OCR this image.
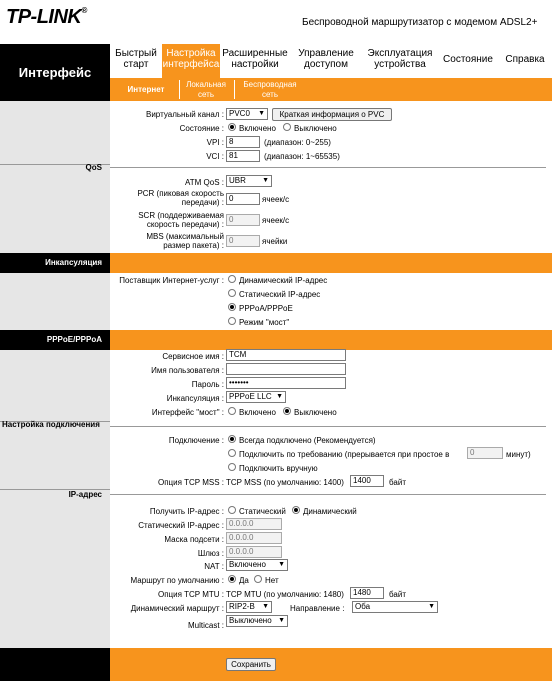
TP-LINK®
Беспроводной маршрутизатор с модемом ADSL2+
Интерфейс
Быстрый старт
Настройка интерфейса
Расширенные настройки
Управление доступом
Эксплуатация устройства	Состояние	Справка
Интернет
Локальная сеть
Беспроводная сеть
Виртуальный канал : PVC0 ▼	Краткая информация о PVC
Состояние : Включено Выключено
VPI : 8	(диапазон: 0~255)
VCI : 81	(диапазон: 1~65535)
QoS
ATM QoS : UBR ▼
PCR (пиковая скорость передачи) : 0	ячеек/с
SCR (поддерживаемая скорость передачи) :
0	ячеек/с
MBS (максимальный размер пакета) :
0	ячейки
Инкапсуляция
Поставщик Интернет-услуг : Динамический IP-адрес
Статический IP-адрес
PPPoA/PPPoE
Режим "мост"
PPPoE/PPPoA
Сервисное имя : TCM
Имя пользователя :
Пароль : •••••••
Инкапсуляция : PPPoE LLC ▼
Интерфейс "мост" : Включено Выключено
Настройка подключения
Подключение : Всегда подключено (Рекомендуется)
Подключить по требованию (прерывается при простое в	0	минут)
Подключить вручную
Опция TCP MSS : TCP MSS (по умолчанию: 1400)	1400	байт
IP-адрес
Получить IP-адрес : Статический Динамический
Статический IP-адрес : 0.0.0.0
Маска подсети : 0.0.0.0
Шлюз : 0.0.0.0
NAT : Включено ▼
Маршрут по умолчанию : Да Нет
Опция TCP MTU : TCP MTU (по умолчанию: 1480)	1480	байт
Динамический маршрут : RIP2-B ▼	Направление :	Оба	▼
Multicast :
Выключено ▼
Сохранить
